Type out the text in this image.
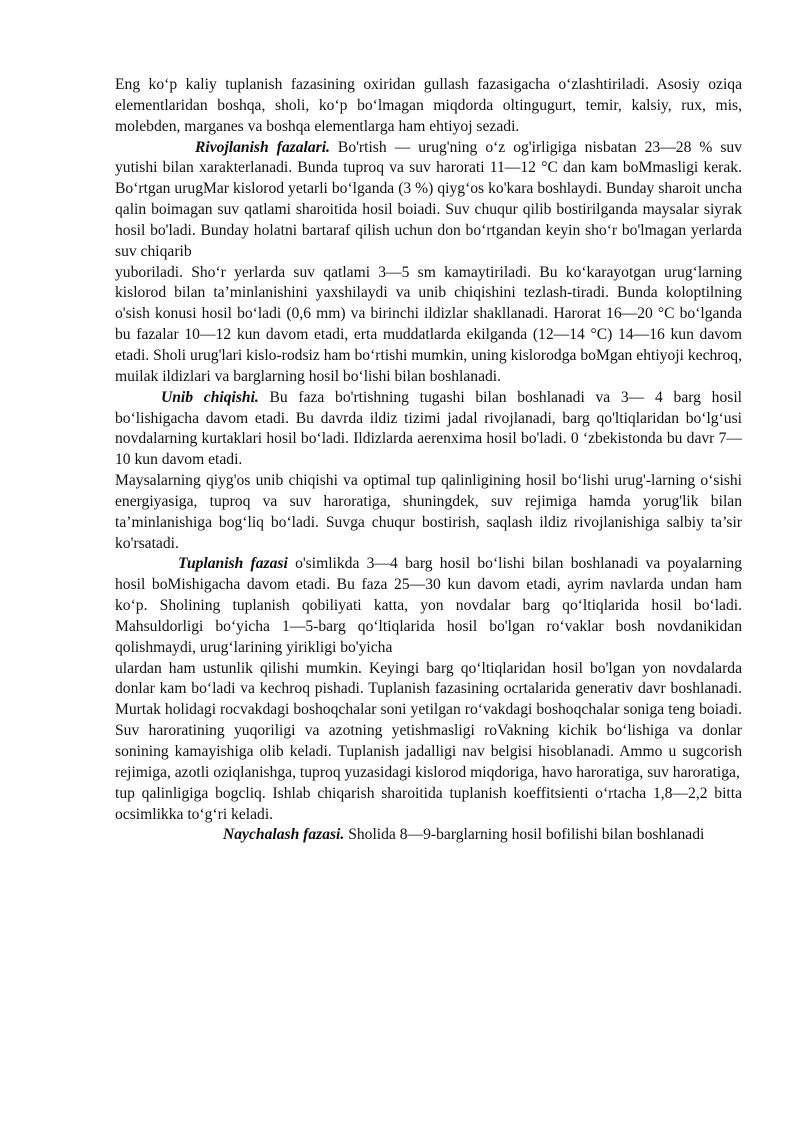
Eng ko‘p kaliy tuplanish fazasining oxiridan gullash fazasigacha o‘zlashtiriladi. Asosiy oziqa elementlaridan boshqa, sholi, ko‘p bo‘lmagan miqdorda oltingugurt, temir, kalsiy, rux, mis, molebden, marganes va boshqa elementlarga ham ehtiyoj sezadi.

Rivojlanish fazalari. Bo'rtish — urug'ning o‘z og'irligiga nisbatan 23—28 % suv yutishi bilan xarakterlanadi. Bunda tuproq va suv harorati 11—12 °C dan kam boMmasligi kerak. Bo‘rtgan urugMar kislorod yetarli bo‘lganda (3 %) qiyg‘os ko'kara boshlaydi. Bunday sharoit uncha qalin boimagan suv qatlami sharoitida hosil boiadi. Suv chuqur qilib bostirilganda maysalar siyrak hosil bo'ladi. Bunday holatni bartaraf qilish uchun don bo‘rtgandan keyin sho‘r bo'lmagan yerlarda suv chiqarib

yuboriladi. Sho‘r yerlarda suv qatlami 3—5 sm kamaytiriladi. Bu ko‘karayotgan urug‘larning kislorod bilan ta’minlanishini yaxshilaydi va unib chiqishini tezlash-tiradi. Bunda koloptilning o'sish konusi hosil bo‘ladi (0,6 mm) va birinchi ildizlar shakllanadi. Harorat 16—20 °C bo‘lganda bu fazalar 10—12 kun davom etadi, erta muddatlarda ekilganda (12—14 °C) 14—16 kun davom etadi. Sholi urug'lari kislo-rodsiz ham bo‘rtishi mumkin, uning kislorodga boMgan ehtiyoji kechroq, muilak ildizlari va barglarning hosil bo‘lishi bilan boshlanadi.

Unib chiqishi. Bu faza bo'rtishning tugashi bilan boshlanadi va 3— 4 barg hosil bo‘lishigacha davom etadi. Bu davrda ildiz tizimi jadal rivojlanadi, barg qo'ltiqlaridan bo‘lg‘usi novdalarning kurtaklari hosil bo‘ladi. Ildizlarda aerenxima hosil bo'ladi. 0 ‘zbekistonda bu davr 7—10 kun davom etadi.

Maysalarning qiyg'os unib chiqishi va optimal tup qalinligining hosil bo‘lishi urug'-larning o‘sishi energiyasiga, tuproq va suv haroratiga, shuningdek, suv rejimiga hamda yorug'lik bilan ta’minlanishiga bog‘liq bo‘ladi. Suvga chuqur bostirish, saqlash ildiz rivojlanishiga salbiy ta’sir ko'rsatadi.

Tuplanish fazasi o'simlikda 3—4 barg hosil bo‘lishi bilan boshlanadi va poyalarning hosil boMishigacha davom etadi. Bu faza 25—30 kun davom etadi, ayrim navlarda undan ham ko‘p. Sholining tuplanish qobiliyati katta, yon novdalar barg qo‘ltiqlarida hosil bo‘ladi. Mahsuldorligi bo‘yicha 1—5-barg qo‘ltiqlarida hosil bo'lgan ro‘vaklar bosh novdanikidan qolishmaydi, urug‘larining yirikligi bo'yicha

ulardan ham ustunlik qilishi mumkin. Keyingi barg qo‘ltiqlaridan hosil bo'lgan yon novdalarda donlar kam bo‘ladi va kechroq pishadi. Tuplanish fazasining ocrtalarida generativ davr boshlanadi. Murtak holidagi rocvakdagi boshoqchalar soni yetilgan ro‘vakdagi boshoqchalar soniga teng boiadi. Suv haroratining yuqoriligi va azotning yetishmasligi roVakning kichik bo‘lishiga va donlar sonining kamayishiga olib keladi. Tuplanish jadalligi nav belgisi hisoblanadi. Ammo u sugcorish rejimiga, azotli oziqlanishga, tuproq yuzasidagi kislorod miqdoriga, havo haroratiga, suv haroratiga,

tup qalinligiga bogcliq. Ishlab chiqarish sharoitida tuplanish koeffitsienti o‘rtacha 1,8—2,2 bitta ocsimlikka to‘g‘ri keladi.

Naychalash fazasi. Sholida 8—9-barglarning hosil bofilishi bilan boshlanadi
